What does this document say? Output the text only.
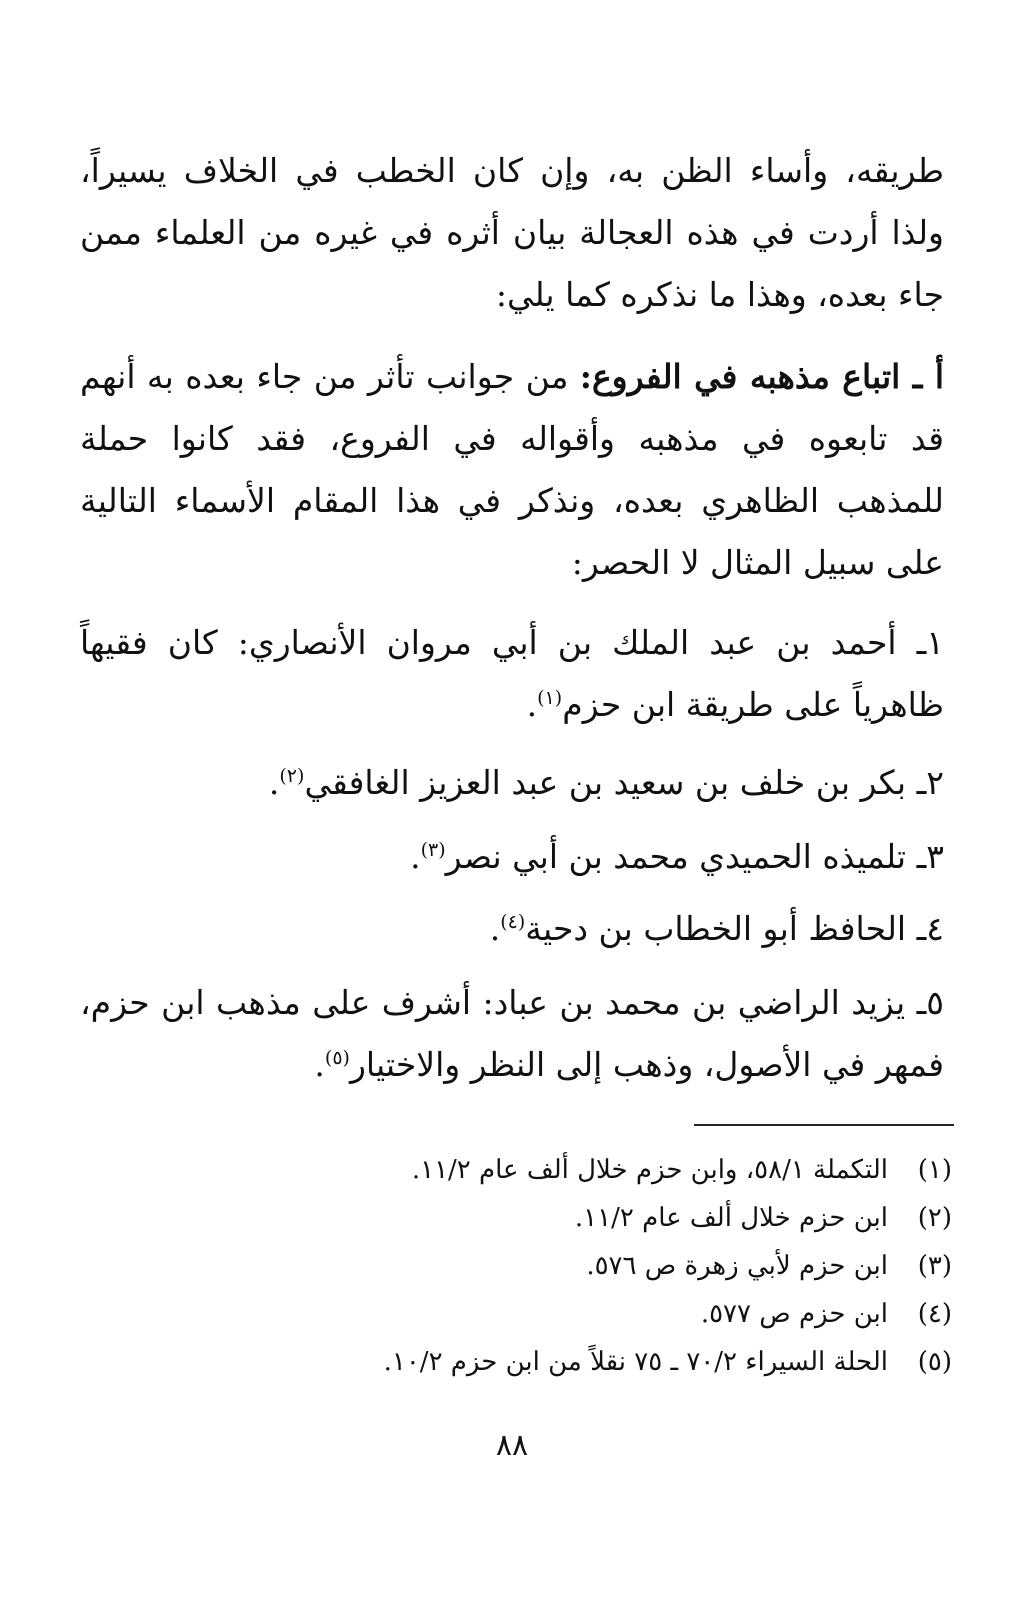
طريقه، وأساء الظن به، وإن كان الخطب في الخلاف يسيراً، ولذا أردت في هذه العجالة بيان أثره في غيره من العلماء ممن جاء بعده، وهذا ما نذكره كما يلي:

أ ـ اتباع مذهبه في الفروع: من جوانب تأثر من جاء بعده به أنهم قد تابعوه في مذهبه وأقواله في الفروع، فقد كانوا حملة للمذهب الظاهري بعده، ونذكر في هذا المقام الأسماء التالية على سبيل المثال لا الحصر:

١ـ أحمد بن عبد الملك بن أبي مروان الأنصاري: كان فقيهاً ظاهرياً على طريقة ابن حزم$^{(١)}$.

٢ـ بكر بن خلف بن سعيد بن عبد العزيز الغافقي$^{(٢)}$.

٣ـ تلميذه الحميدي محمد بن أبي نصر$^{(٣)}$.

٤ـ الحافظ أبو الخطاب بن دحية$^{(٤)}$.

٥ـ يزيد الراضي بن محمد بن عباد: أشرف على مذهب ابن حزم، فمهر في الأصول، وذهب إلى النظر والاختيار$^{(٥)}$.

(١)
التكملة ٥٨/١، وابن حزم خلال ألف عام ١١/٢.
(٢)
ابن حزم خلال ألف عام ١١/٢.
(٣)
ابن حزم لأبي زهرة ص ٥٧٦.
(٤)
ابن حزم ص ٥٧٧.
(٥)
الحلة السيراء ٧٠/٢ ـ ٧٥ نقلاً من ابن حزم ١٠/٢.
٨٨
